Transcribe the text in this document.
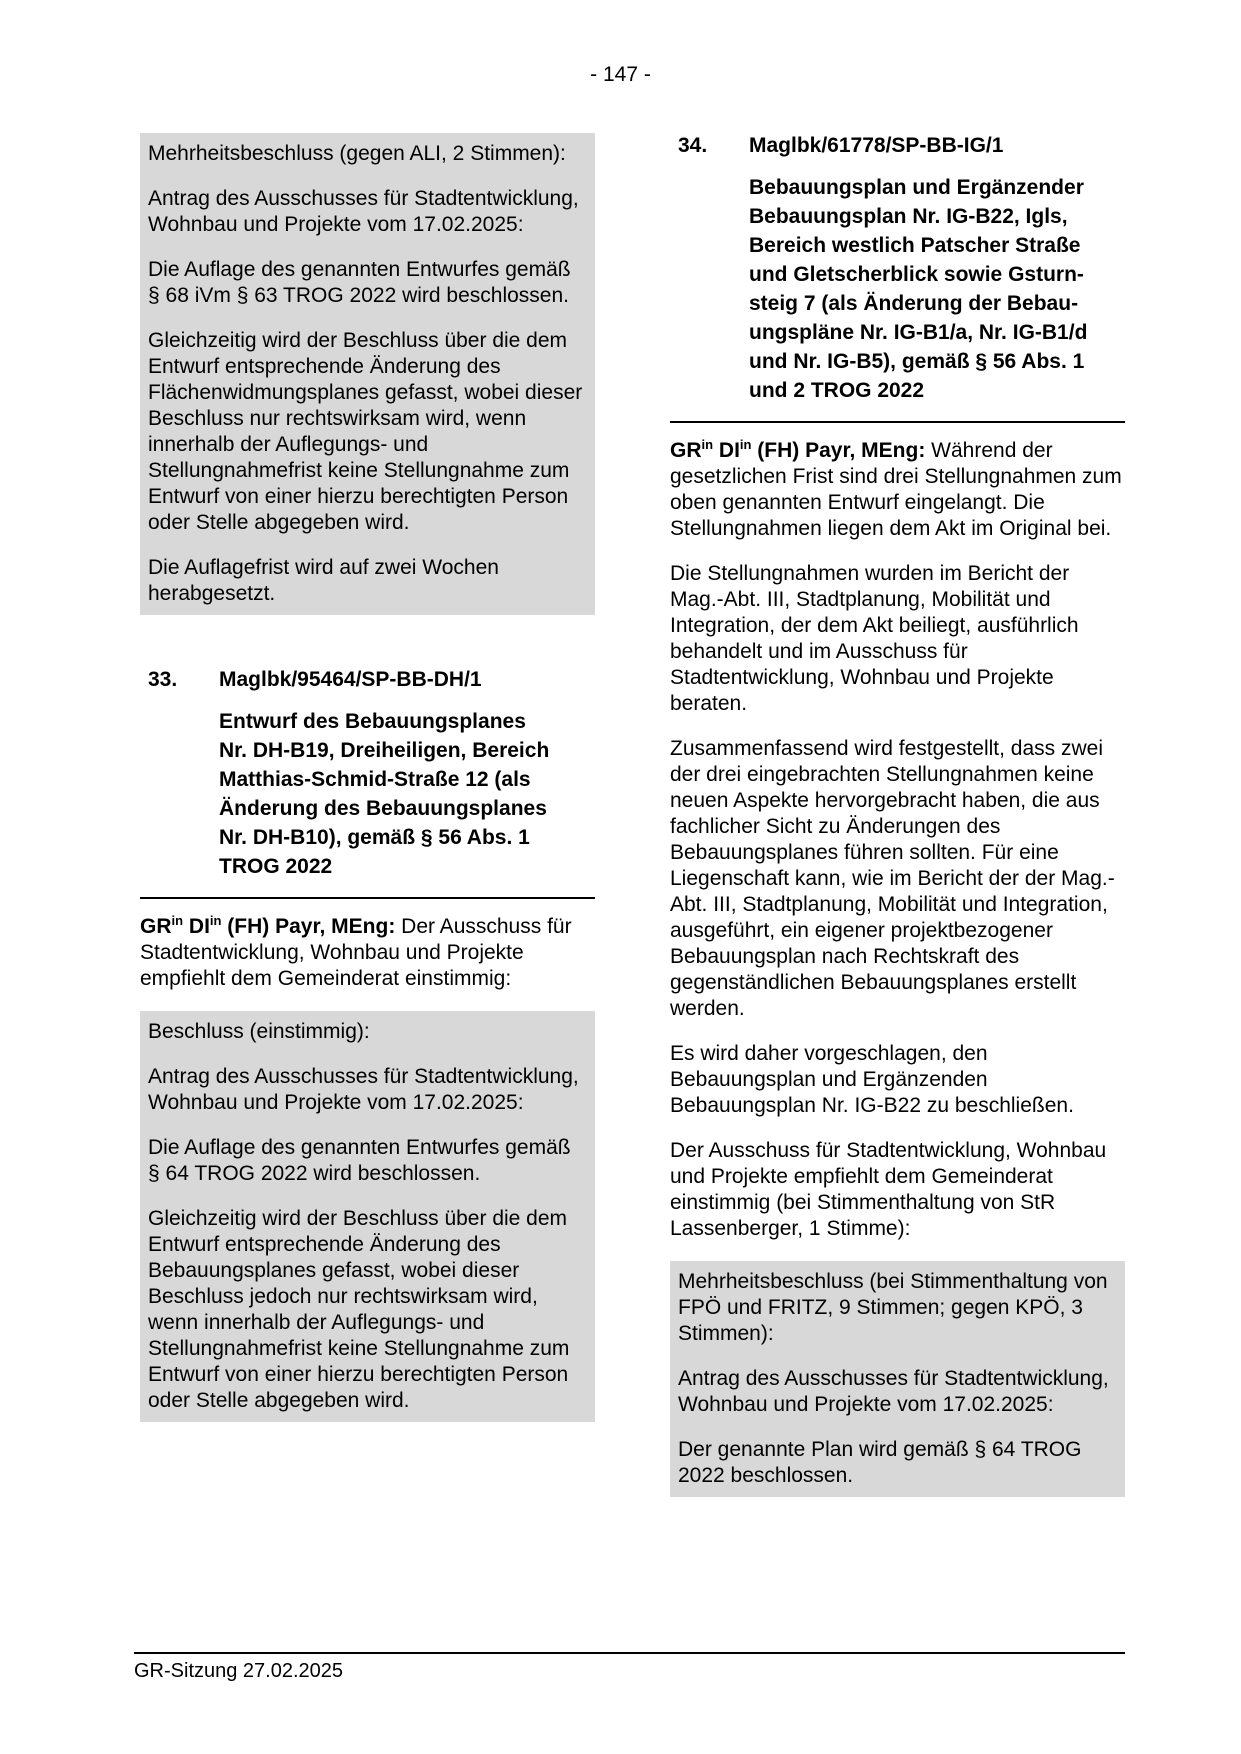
- 147 -

Mehrheitsbeschluss (gegen ALI, 2 Stimmen):

Antrag des Ausschusses für Stadtentwicklung, Wohnbau und Projekte vom 17.02.2025:

Die Auflage des genannten Entwurfes gemäß § 68 iVm § 63 TROG 2022 wird beschlossen.

Gleichzeitig wird der Beschluss über die dem Entwurf entsprechende Änderung des Flächenwidmungsplanes gefasst, wobei dieser Beschluss nur rechtswirksam wird, wenn innerhalb der Auflegungs- und Stellungnahmefrist keine Stellungnahme zum Entwurf von einer hierzu berechtigten Person oder Stelle abgegeben wird.

Die Auflagefrist wird auf zwei Wochen herabgesetzt.

33.	Maglbk/95464/SP-BB-DH/1
Entwurf des Bebauungsplanes
Nr. DH-B19, Dreiheiligen, Bereich
Matthias-Schmid-Straße 12 (als
Änderung des Bebauungsplanes
Nr. DH-B10), gemäß § 56 Abs. 1
TROG 2022

$GR^{in}$ $DI^{in}$ (FH) Payr, MEng: Der Ausschuss für Stadtentwicklung, Wohnbau und Projekte empfiehlt dem Gemeinderat einstimmig:

Beschluss (einstimmig):

Antrag des Ausschusses für Stadtentwicklung, Wohnbau und Projekte vom 17.02.2025:

Die Auflage des genannten Entwurfes gemäß § 64 TROG 2022 wird beschlossen.

Gleichzeitig wird der Beschluss über die dem Entwurf entsprechende Änderung des Bebauungsplanes gefasst, wobei dieser Beschluss jedoch nur rechtswirksam wird, wenn innerhalb der Auflegungs- und Stellungnahmefrist keine Stellungnahme zum Entwurf von einer hierzu berechtigten Person oder Stelle abgegeben wird.

34.	Maglbk/61778/SP-BB-IG/1
Bebauungsplan und Ergänzender
Bebauungsplan Nr. IG-B22, Igls,
Bereich westlich Patscher Straße
und Gletscherblick sowie Gsturn-
steig 7 (als Änderung der Bebau-
ungspläne Nr. IG-B1/a, Nr. IG-B1/d
und Nr. IG-B5), gemäß § 56 Abs. 1
und 2 TROG 2022

$GR^{in}$ $DI^{in}$ (FH) Payr, MEng: Während der gesetzlichen Frist sind drei Stellungnahmen zum oben genannten Entwurf eingelangt. Die Stellungnahmen liegen dem Akt im Original bei.

Die Stellungnahmen wurden im Bericht der Mag.-Abt. III, Stadtplanung, Mobilität und Integration, der dem Akt beiliegt, ausführlich behandelt und im Ausschuss für Stadtentwicklung, Wohnbau und Projekte beraten.

Zusammenfassend wird festgestellt, dass zwei der drei eingebrachten Stellungnahmen keine neuen Aspekte hervorgebracht haben, die aus fachlicher Sicht zu Änderungen des Bebauungsplanes führen sollten. Für eine Liegenschaft kann, wie im Bericht der der Mag.-Abt. III, Stadtplanung, Mobilität und Integration, ausgeführt, ein eigener projektbezogener Bebauungsplan nach Rechtskraft des gegenständlichen Bebauungsplanes erstellt werden.

Es wird daher vorgeschlagen, den Bebauungsplan und Ergänzenden Bebauungsplan Nr. IG-B22 zu beschließen.

Der Ausschuss für Stadtentwicklung, Wohnbau und Projekte empfiehlt dem Gemeinderat einstimmig (bei Stimmenthaltung von StR Lassenberger, 1 Stimme):

Mehrheitsbeschluss (bei Stimmenthaltung von FPÖ und FRITZ, 9 Stimmen; gegen KPÖ, 3 Stimmen):

Antrag des Ausschusses für Stadtentwicklung, Wohnbau und Projekte vom 17.02.2025:

Der genannte Plan wird gemäß § 64 TROG 2022 beschlossen.

GR-Sitzung 27.02.2025
